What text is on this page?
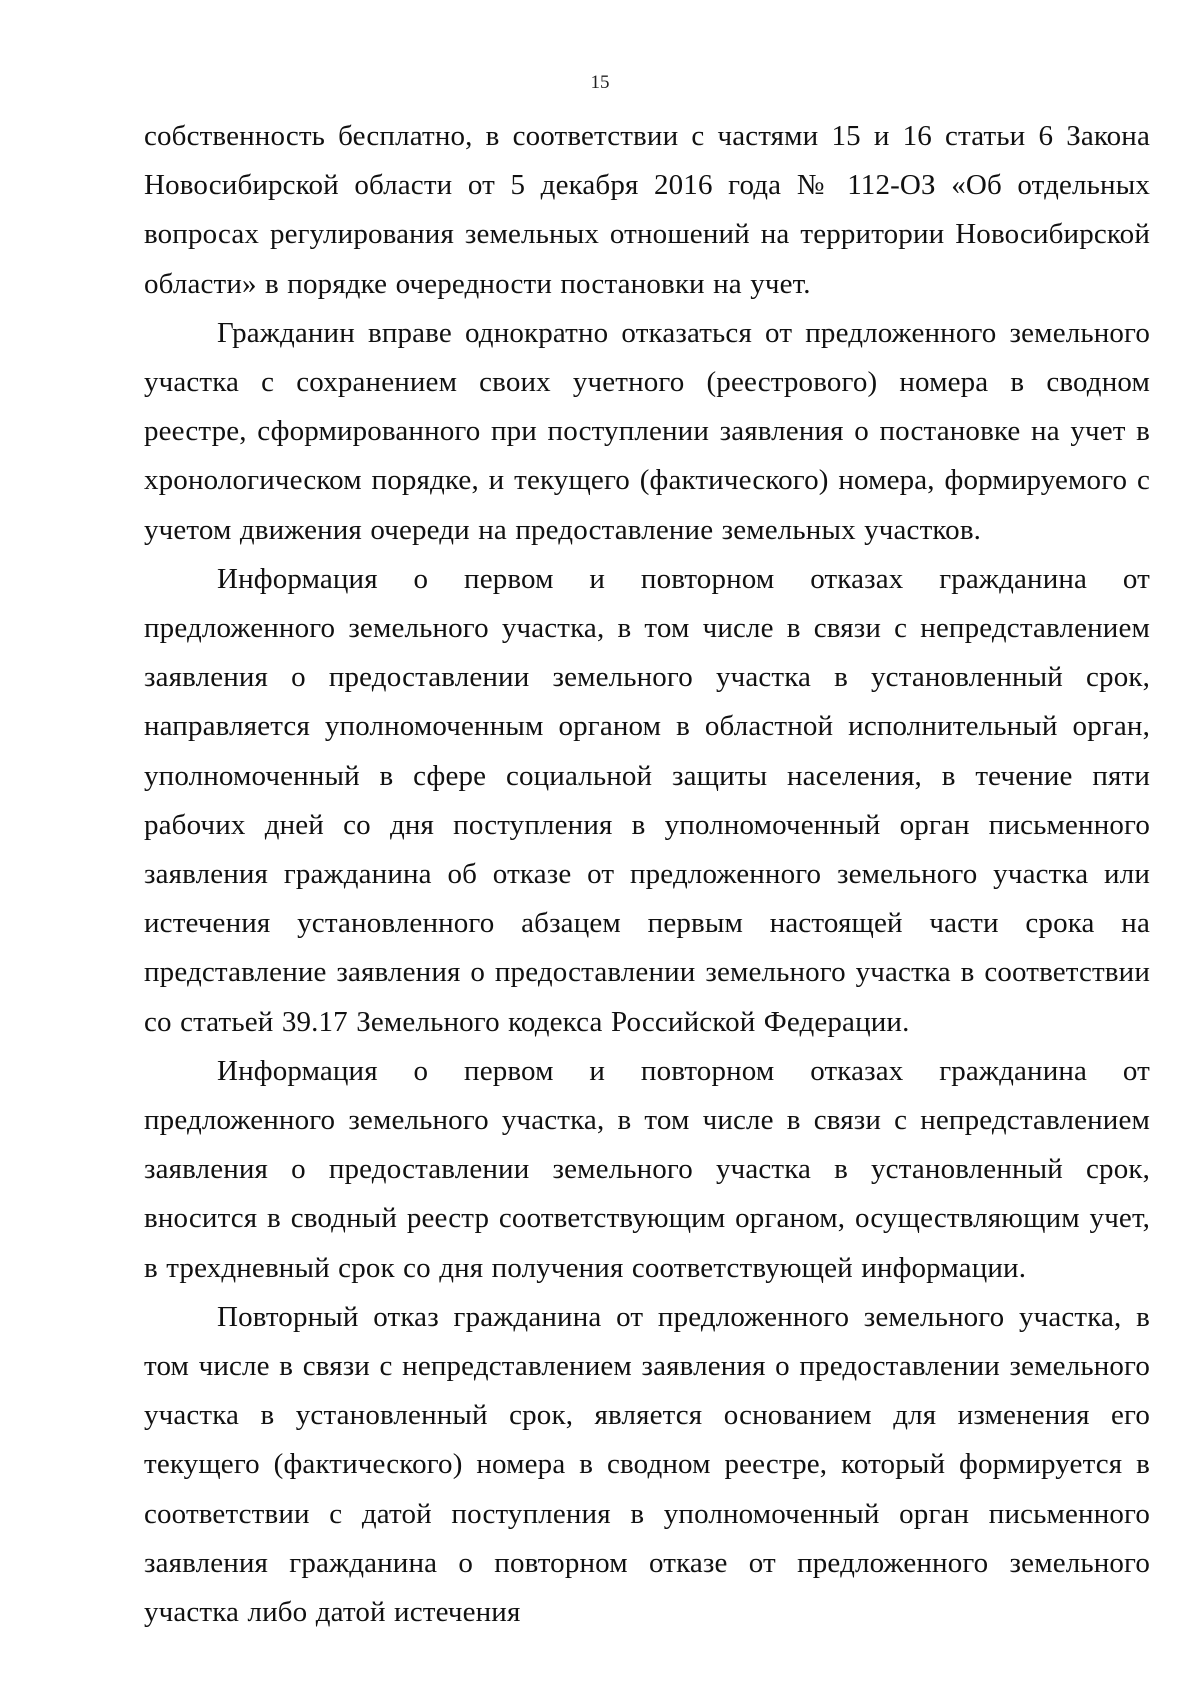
15

собственность бесплатно, в соответствии с частями 15 и 16 статьи 6 Закона Новосибирской области от 5 декабря 2016 года № 112-ОЗ «Об отдельных вопросах регулирования земельных отношений на территории Новосибирской области» в порядке очередности постановки на учет.

Гражданин вправе однократно отказаться от предложенного земельного участка с сохранением своих учетного (реестрового) номера в сводном реестре, сформированного при поступлении заявления о постановке на учет в хронологическом порядке, и текущего (фактического) номера, формируемого с учетом движения очереди на предоставление земельных участков.

Информация о первом и повторном отказах гражданина от предложенного земельного участка, в том числе в связи с непредставлением заявления о предоставлении земельного участка в установленный срок, направляется уполномоченным органом в областной исполнительный орган, уполномоченный в сфере социальной защиты населения, в течение пяти рабочих дней со дня поступления в уполномоченный орган письменного заявления гражданина об отказе от предложенного земельного участка или истечения установленного абзацем первым настоящей части срока на представление заявления о предоставлении земельного участка в соответствии со статьей 39.17 Земельного кодекса Российской Федерации.

Информация о первом и повторном отказах гражданина от предложенного земельного участка, в том числе в связи с непредставлением заявления о предоставлении земельного участка в установленный срок, вносится в сводный реестр соответствующим органом, осуществляющим учет, в трехдневный срок со дня получения соответствующей информации.

Повторный отказ гражданина от предложенного земельного участка, в том числе в связи с непредставлением заявления о предоставлении земельного участка в установленный срок, является основанием для изменения его текущего (фактического) номера в сводном реестре, который формируется в соответствии с датой поступления в уполномоченный орган письменного заявления гражданина о повторном отказе от предложенного земельного участка либо датой истечения
